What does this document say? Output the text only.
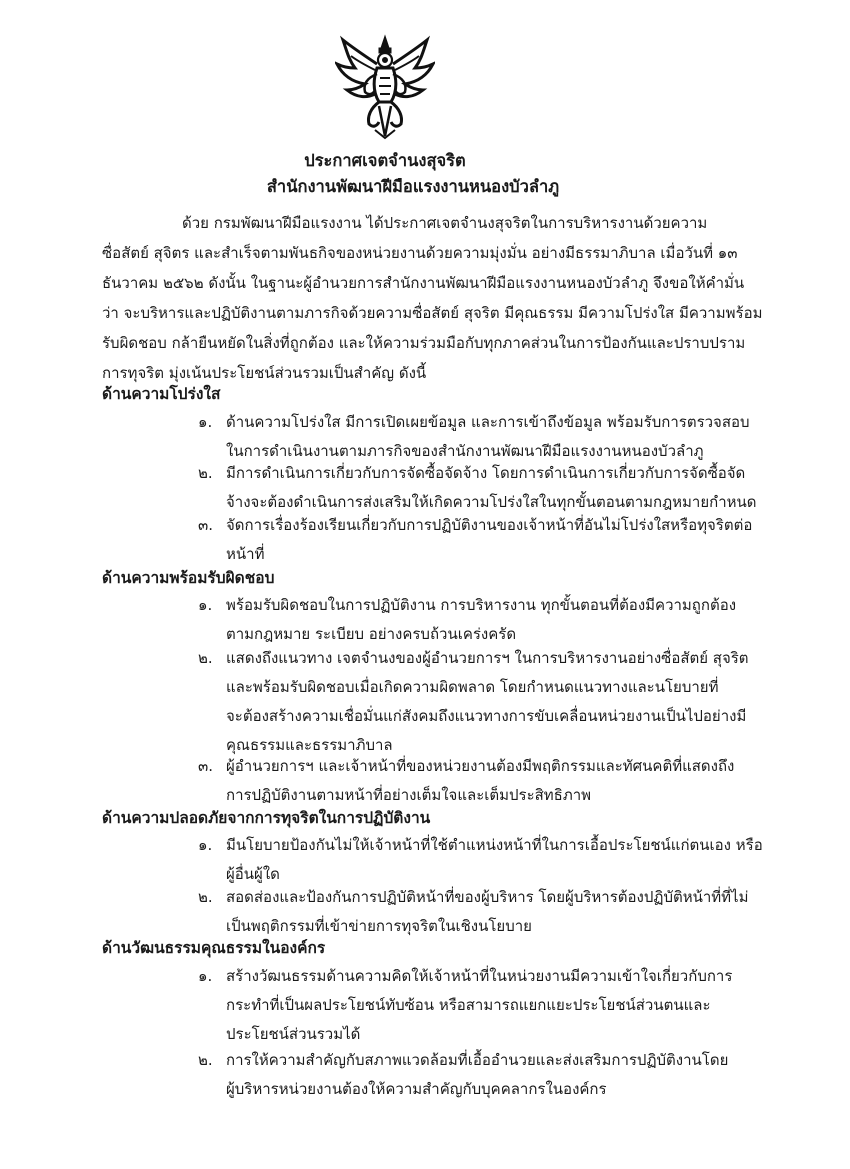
ประกาศเจตจำนงสุจริต
สำนักงานพัฒนาฝีมือแรงงานหนองบัวลำภู
ด้วย กรมพัฒนาฝีมือแรงงาน ได้ประกาศเจตจำนงสุจริตในการบริหารงานด้วยความ
ซื่อสัตย์ สุจิตร และสำเร็จตามพันธกิจของหน่วยงานด้วยความมุ่งมั่น อย่างมีธรรมาภิบาล เมื่อวันที่ ๑๓
ธันวาคม ๒๕๖๒ ดังนั้น ในฐานะผู้อำนวยการสำนักงานพัฒนาฝีมือแรงงานหนองบัวลำภู จึงขอให้คำมั่น
ว่า จะบริหารและปฏิบัติงานตามภารกิจด้วยความซื่อสัตย์ สุจริต มีคุณธรรม มีความโปร่งใส มีความพร้อม
รับผิดชอบ กล้ายืนหยัดในสิ่งที่ถูกต้อง และให้ความร่วมมือกับทุกภาคส่วนในการป้องกันและปราบปราม
การทุจริต มุ่งเน้นประโยชน์ส่วนรวมเป็นสำคัญ ดังนี้
ด้านความโปร่งใส
๑. ด้านความโปร่งใส มีการเปิดเผยข้อมูล และการเข้าถึงข้อมูล พร้อมรับการตรวจสอบ
ในการดำเนินงานตามภารกิจของสำนักงานพัฒนาฝีมือแรงงานหนองบัวลำภู
๒. มีการดำเนินการเกี่ยวกับการจัดซื้อจัดจ้าง โดยการดำเนินการเกี่ยวกับการจัดซื้อจัด
จ้างจะต้องดำเนินการส่งเสริมให้เกิดความโปร่งใสในทุกขั้นตอนตามกฎหมายกำหนด
๓. จัดการเรื่องร้องเรียนเกี่ยวกับการปฏิบัติงานของเจ้าหน้าที่อันไม่โปร่งใสหรือทุจริตต่อ
หน้าที่
ด้านความพร้อมรับผิดชอบ
๑. พร้อมรับผิดชอบในการปฏิบัติงาน การบริหารงาน ทุกขั้นตอนที่ต้องมีความถูกต้อง
ตามกฎหมาย ระเบียบ อย่างครบถ้วนเคร่งครัด
๒. แสดงถึงแนวทาง เจตจำนงของผู้อำนวยการฯ ในการบริหารงานอย่างซื่อสัตย์ สุจริต
และพร้อมรับผิดชอบเมื่อเกิดความผิดพลาด โดยกำหนดแนวทางและนโยบายที่
จะต้องสร้างความเชื่อมั่นแก่สังคมถึงแนวทางการขับเคลื่อนหน่วยงานเป็นไปอย่างมี
คุณธรรมและธรรมาภิบาล
๓. ผู้อำนวยการฯ และเจ้าหน้าที่ของหน่วยงานต้องมีพฤติกรรมและทัศนคติที่แสดงถึง
การปฏิบัติงานตามหน้าที่อย่างเต็มใจและเต็มประสิทธิภาพ
ด้านความปลอดภัยจากการทุจริตในการปฏิบัติงาน
๑. มีนโยบายป้องกันไม่ให้เจ้าหน้าที่ใช้ตำแหน่งหน้าที่ในการเอื้อประโยชน์แก่ตนเอง หรือ
ผู้อื่นผู้ใด
๒. สอดส่องและป้องกันการปฏิบัติหน้าที่ของผู้บริหาร โดยผู้บริหารต้องปฏิบัติหน้าที่ที่ไม่
เป็นพฤติกรรมที่เข้าข่ายการทุจริตในเชิงนโยบาย
ด้านวัฒนธรรมคุณธรรมในองค์กร
๑. สร้างวัฒนธรรมด้านความคิดให้เจ้าหน้าที่ในหน่วยงานมีความเข้าใจเกี่ยวกับการ
กระทำที่เป็นผลประโยชน์ทับซ้อน หรือสามารถแยกแยะประโยชน์ส่วนตนและ
ประโยชน์ส่วนรวมได้
๒. การให้ความสำคัญกับสภาพแวดล้อมที่เอื้ออำนวยและส่งเสริมการปฏิบัติงานโดย
ผู้บริหารหน่วยงานต้องให้ความสำคัญกับบุคคลากรในองค์กร
